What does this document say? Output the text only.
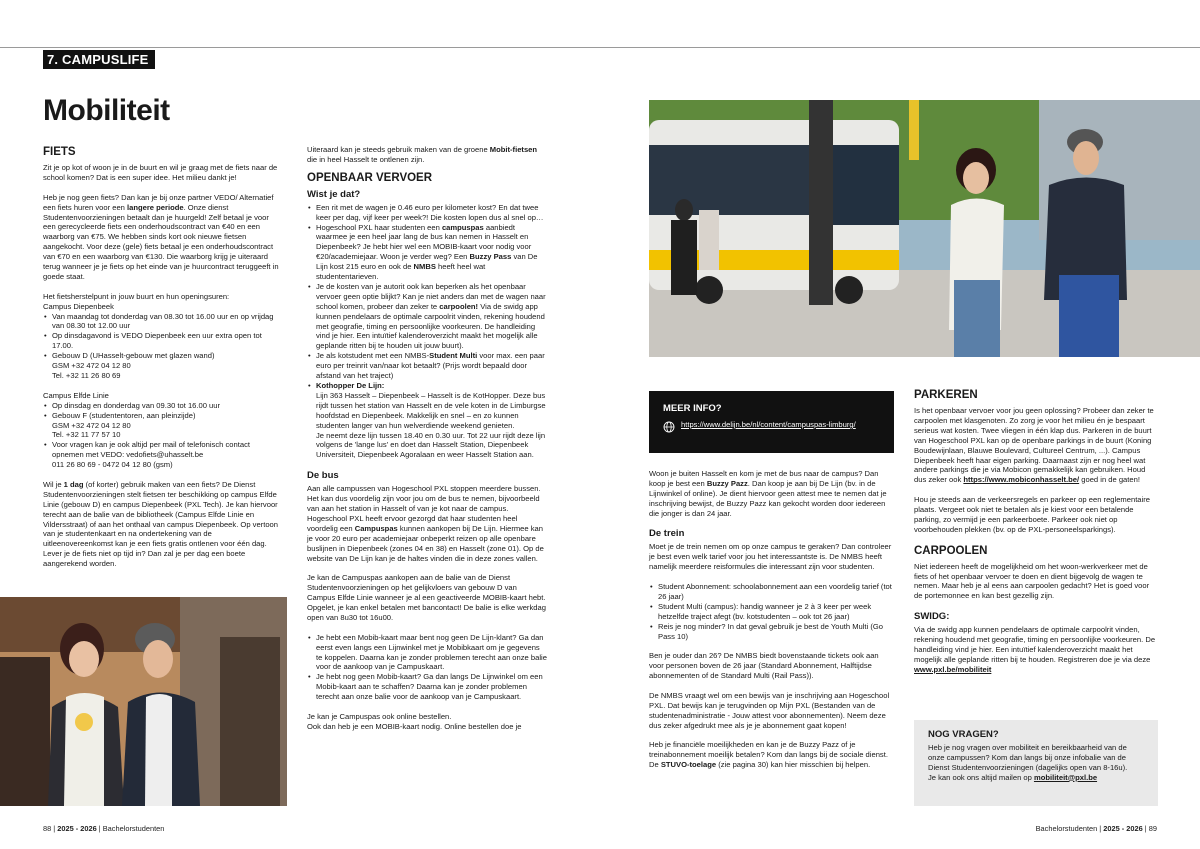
7. CAMPUSLIFE
Mobiliteit
FIETS

Zit je op kot of woon je in de buurt en wil je graag met de fiets naar de school komen? Dat is een super idee. Het milieu dankt je!

Heb je nog geen fiets? Dan kan je bij onze partner VEDO/ Alternatief een fiets huren voor een langere periode. Onze dienst Studentenvoorzieningen betaalt dan je huurgeld! Zelf betaal je voor een gerecycleerde fiets een onderhoudscontract van €40 en een waarborg van €75. We hebben sinds kort ook nieuwe fietsen aangekocht. Voor deze (gele) fiets betaal je een onderhoudscontract van €70 en een waarborg van €130. Die waarborg krijg je uiteraard terug wanneer je je fiets op het einde van je huurcontract teruggeeft in goede staat.

Het fietsherstelpunt in jouw buurt en hun openingsuren:

Campus Diepenbeek

• Van maandag tot donderdag van 08.30 tot 16.00 uur en op vrijdag van 08.30 tot 12.00 uur
• Op dinsdagavond is VEDO Diepenbeek een uur extra open tot 17.00.
• Gebouw D (UHasselt-gebouw met glazen wand)
GSM +32 472 04 12 80
Tel. +32 11 26 80 69

Campus Elfde Linie

• Op dinsdag en donderdag van 09.30 tot 16.00 uur
• Gebouw F (studententoren, aan pleinzijde)
GSM +32 472 04 12 80
Tel. +32 11 77 57 10
• Voor vragen kan je ook altijd per mail of telefonisch contact opnemen met VEDO: vedofiets@uhasselt.be
011 26 80 69 - 0472 04 12 80 (gsm)

Wil je 1 dag (of korter) gebruik maken van een fiets? De Dienst Studentenvoorzieningen stelt fietsen ter beschikking op campus Elfde Linie (gebouw D) en campus Diepenbeek (PXL Tech). Je kan hiervoor terecht aan de balie van de bibliotheek (Campus Elfde Linie en Vildersstraat) of aan het onthaal van campus Diepenbeek. Op vertoon van je studentenkaart en na ondertekening van de uitleenovereenkomst kan je een fiets gratis ontlenen voor één dag. Lever je de fiets niet op tijd in? Dan zal je per dag een boete aangerekend worden.

Uiteraard kan je steeds gebruik maken van de groene Mobit-fietsen die in heel Hasselt te ontlenen zijn.

OPENBAAR VERVOER
Wist je dat?
• Een rit met de wagen je 0.46 euro per kilometer kost? En dat twee keer per dag, vijf keer per week?! Die kosten lopen dus al snel op…
• Hogeschool PXL haar studenten een campuspas aanbiedt waarmee je een heel jaar lang de bus kan nemen in Hasselt en Diepenbeek? Je hebt hier wel een MOBIB-kaart voor nodig voor €20/academiejaar. Woon je verder weg? Een Buzzy Pass van De Lijn kost 215 euro en ook de NMBS heeft heel wat studententarieven.
• Je de kosten van je autorit ook kan beperken als het openbaar vervoer geen optie blijkt? Kan je niet anders dan met de wagen naar school komen, probeer dan zeker te carpoolen! Via de swidg app kunnen pendelaars de optimale carpoolrit vinden, rekening houdend met geografie, timing en persoonlijke voorkeuren. De handleiding vind je hier. Een intuïtief kalenderoverzicht maakt het mogelijk alle geplande ritten bij te houden uit jouw buurt).
• Je als kotstudent met een NMBS-Student Multi voor max. een paar euro per treinrit van/naar kot betaalt? (Prijs wordt bepaald door afstand van het traject)
• Kothopper De Lijn:
Lijn 363 Hasselt – Diepenbeek – Hasselt is de KotHopper. Deze bus rijdt tussen het station van Hasselt en de vele koten in de Limburgse hoofdstad en Diepenbeek. Makkelijk en snel – en zo kunnen studenten langer van hun welverdiende weekend genieten.
Je neemt deze lijn tussen 18.40 en 0.30 uur. Tot 22 uur rijdt deze lijn volgens de 'lange lus' en doet dan Hasselt Station, Diepenbeek Universiteit, Diepenbeek Agoralaan en weer Hasselt Station aan.
De bus

Aan alle campussen van Hogeschool PXL stoppen meerdere bussen. Het kan dus voordelig zijn voor jou om de bus te nemen, bijvoorbeeld van aan het station in Hasselt of van je kot naar de campus. Hogeschool PXL heeft ervoor gezorgd dat haar studenten heel voordelig een Campuspas kunnen aankopen bij De Lijn. Hiermee kan je voor 20 euro per academiejaar onbeperkt reizen op alle openbare buslijnen in Diepenbeek (zones 04 en 38) en Hasselt (zone 01). Op de website van De Lijn kan je de haltes vinden die in deze zones vallen.

Je kan de Campuspas aankopen aan de balie van de Dienst Studentenvoorzieningen op het gelijkvloers van gebouw D van Campus Elfde Linie wanneer je al een geactiveerde MOBIB-kaart hebt. Opgelet, je kan enkel betalen met bancontact! De balie is elke werkdag open van 8u30 tot 16u00.

• Je hebt een Mobib-kaart maar bent nog geen De Lijn-klant? Ga dan eerst even langs een Lijnwinkel met je Mobibkaart om je gegevens te koppelen. Daarna kan je zonder problemen terecht aan onze balie voor de aankoop van je Campuskaart.
• Je hebt nog geen Mobib-kaart? Ga dan langs De Lijnwinkel om een Mobib-kaart aan te schaffen? Daarna kan je zonder problemen terecht aan onze balie voor de aankoop van je Campuskaart.

Je kan je Campuspas ook online bestellen.

Ook dan heb je een MOBIB-kaart nodig. Online bestellen doe je

MEER INFO?
https://www.delijn.be/nl/content/campuspas-limburg/

Woon je buiten Hasselt en kom je met de bus naar de campus? Dan koop je best een Buzzy Pazz. Dan koop je aan bij De Lijn (bv. in de Lijnwinkel of online). Je dient hiervoor geen attest mee te nemen dat je inschrijving bewijst, de Buzzy Pazz kan gekocht worden door iedereen die jonger is dan 24 jaar.

De trein

Moet je de trein nemen om op onze campus te geraken? Dan controleer je best even welk tarief voor jou het interessantste is. De NMBS heeft namelijk meerdere reisformules die interessant zijn voor studenten.

• Student Abonnement: schoolabonnement aan een voordelig tarief (tot 26 jaar)
• Student Multi (campus): handig wanneer je 2 à 3 keer per week hetzelfde traject afegt (bv. kotstudenten – ook tot 26 jaar)
• Reis je nog minder? In dat geval gebruik je best de Youth Multi (Go Pass 10)

Ben je ouder dan 26? De NMBS biedt bovenstaande tickets ook aan voor personen boven de 26 jaar (Standard Abonnement, Halftijdse abonnementen of de Standard Multi (Rail Pass)).

De NMBS vraagt wel om een bewijs van je inschrijving aan Hogeschool PXL. Dat bewijs kan je terugvinden op Mijn PXL (Bestanden van de studentenadministratie - Jouw attest voor abonnementen). Neem deze dus zeker afgedrukt mee als je je abonnement gaat kopen!

Heb je financiële moeilijkheden en kan je de Buzzy Pazz of je treinabonnement moeilijk betalen? Kom dan langs bij de sociale dienst. De STUVO-toelage (zie pagina 30) kan hier misschien bij helpen.

PARKEREN

Is het openbaar vervoer voor jou geen oplossing? Probeer dan zeker te carpoolen met klasgenoten. Zo zorg je voor het milieu én je bespaart serieus wat kosten. Twee vliegen in één klap dus. Parkeren in de buurt van Hogeschool PXL kan op de openbare parkings in de buurt (Koning Boudewijnlaan, Blauwe Boulevard, Cultureel Centrum, ...). Campus Diepenbeek heeft haar eigen parking. Daarnaast zijn er nog heel wat andere parkings die je via Mobicon gemakkelijk kan gebruiken. Houd dus zeker ook https://www.mobiconhasselt.be/ goed in de gaten!

Hou je steeds aan de verkeersregels en parkeer op een reglementaire plaats. Vergeet ook niet te betalen als je kiest voor een betalende parking, zo vermijd je een parkeerboete. Parkeer ook niet op voorbehouden plekken (bv. op de PXL-personeelsparkings).

CARPOOLEN

Niet iedereen heeft de mogelijkheid om het woon-werkverkeer met de fiets of het openbaar vervoer te doen en dient bijgevolg de wagen te nemen. Maar heb je al eens aan carpoolen gedacht? Het is goed voor de portemonnee en kan best gezellig zijn.

SWIDG:

Via de swidg app kunnen pendelaars de optimale carpoolrit vinden, rekening houdend met geografie, timing en persoonlijke voorkeuren. De handleiding vind je hier. Een intuïtief kalenderoverzicht maakt het mogelijk alle geplande ritten bij te houden. Registreren doe je via deze www.pxl.be/mobiliteit

NOG VRAGEN?
Heb je nog vragen over mobiliteit en bereikbaarheid van de onze campussen? Kom dan langs bij onze infobalie van de Dienst Studentenvoorzieningen (dagelijks open van 8-16u).
Je kan ook ons altijd mailen op mobiliteit@pxl.be
88 | 2025 - 2026 | Bachelorstudenten	Bachelorstudenten | 2025 - 2026 | 89
